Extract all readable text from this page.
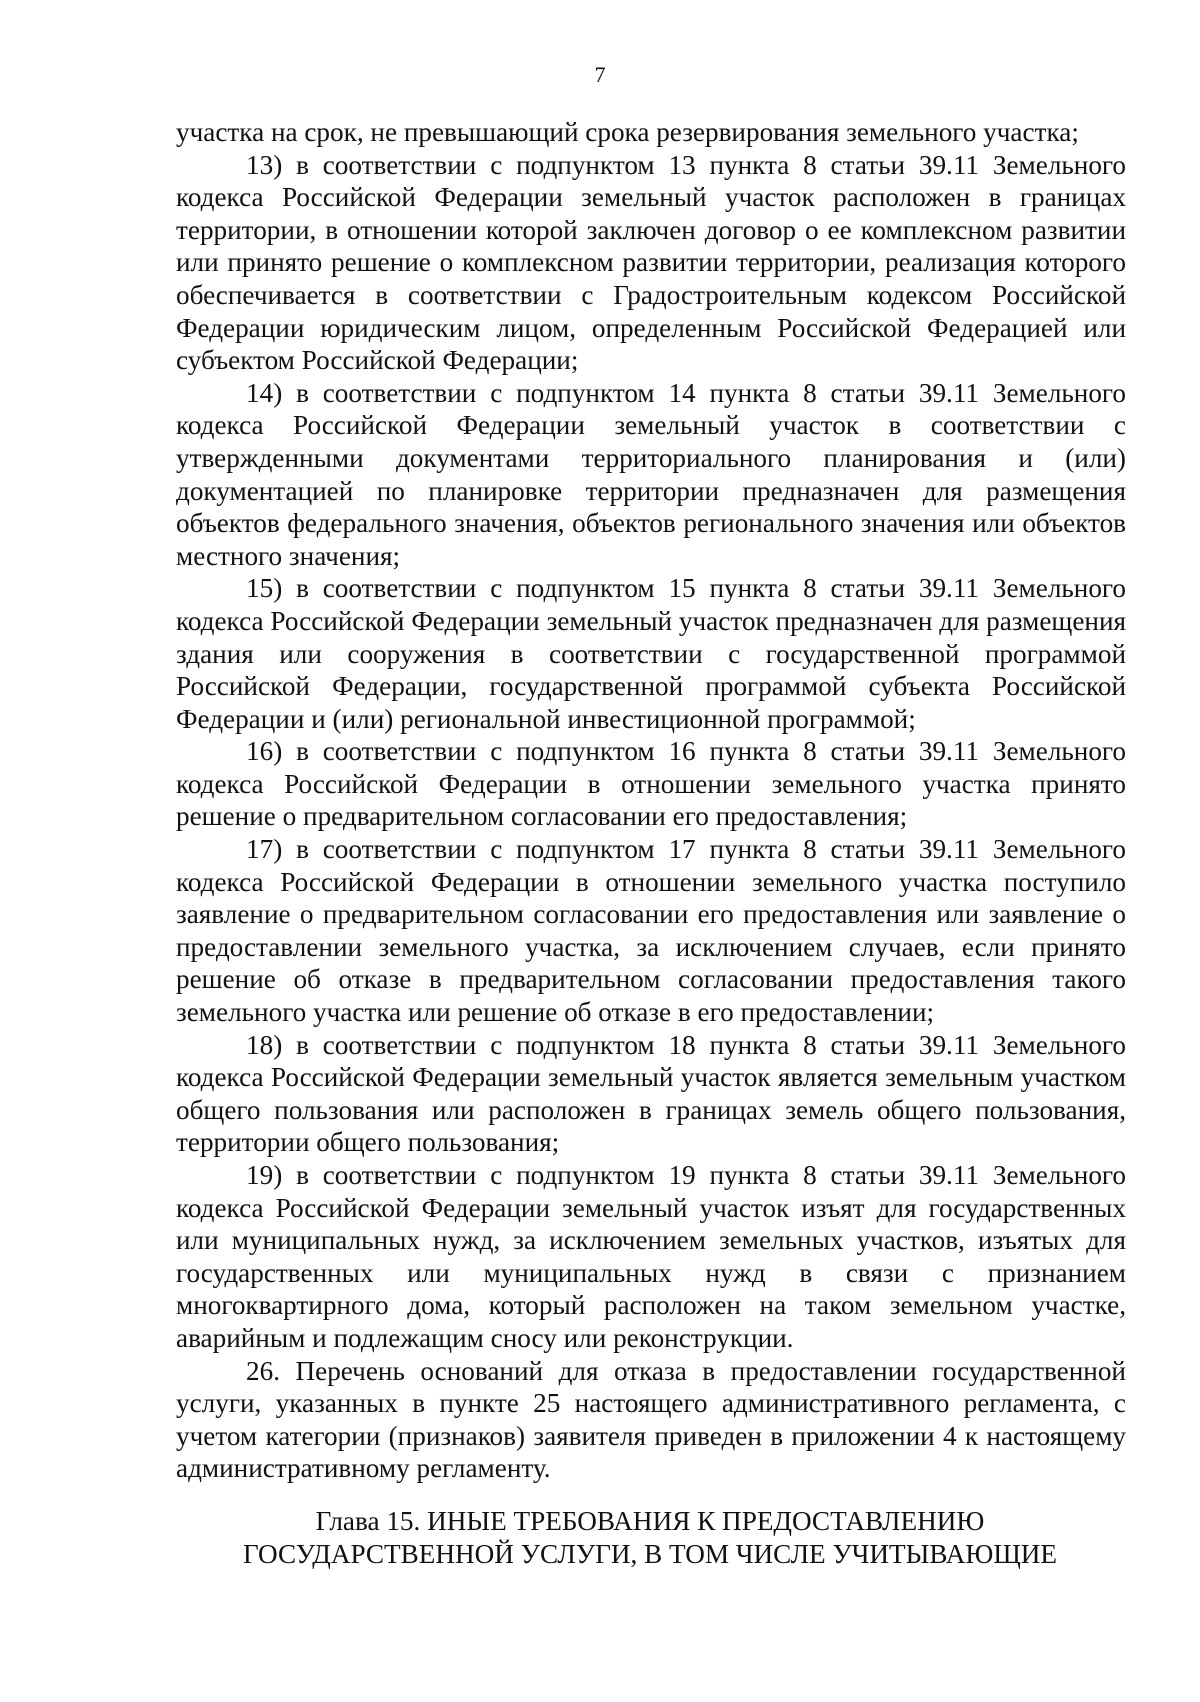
7

участка на срок, не превышающий срока резервирования земельного участка;

13) в соответствии с подпунктом 13 пункта 8 статьи 39.11 Земельного кодекса Российской Федерации земельный участок расположен в границах территории, в отношении которой заключен договор о ее комплексном развитии или принято решение о комплексном развитии территории, реализация которого обеспечивается в соответствии с Градостроительным кодексом Российской Федерации юридическим лицом, определенным Российской Федерацией или субъектом Российской Федерации;

14) в соответствии с подпунктом 14 пункта 8 статьи 39.11 Земельного кодекса Российской Федерации земельный участок в соответствии с утвержденными документами территориального планирования и (или) документацией по планировке территории предназначен для размещения объектов федерального значения, объектов регионального значения или объектов местного значения;

15) в соответствии с подпунктом 15 пункта 8 статьи 39.11 Земельного кодекса Российской Федерации земельный участок предназначен для размещения здания или сооружения в соответствии с государственной программой Российской Федерации, государственной программой субъекта Российской Федерации и (или) региональной инвестиционной программой;

16) в соответствии с подпунктом 16 пункта 8 статьи 39.11 Земельного кодекса Российской Федерации в отношении земельного участка принято решение о предварительном согласовании его предоставления;

17) в соответствии с подпунктом 17 пункта 8 статьи 39.11 Земельного кодекса Российской Федерации в отношении земельного участка поступило заявление о предварительном согласовании его предоставления или заявление о предоставлении земельного участка, за исключением случаев, если принято решение об отказе в предварительном согласовании предоставления такого земельного участка или решение об отказе в его предоставлении;

18) в соответствии с подпунктом 18 пункта 8 статьи 39.11 Земельного кодекса Российской Федерации земельный участок является земельным участком общего пользования или расположен в границах земель общего пользования, территории общего пользования;

19) в соответствии с подпунктом 19 пункта 8 статьи 39.11 Земельного кодекса Российской Федерации земельный участок изъят для государственных или муниципальных нужд, за исключением земельных участков, изъятых для государственных или муниципальных нужд в связи с признанием многоквартирного дома, который расположен на таком земельном участке, аварийным и подлежащим сносу или реконструкции.

26. Перечень оснований для отказа в предоставлении государственной услуги, указанных в пункте 25 настоящего административного регламента, с учетом категории (признаков) заявителя приведен в приложении 4 к настоящему административному регламенту.

Глава 15. ИНЫЕ ТРЕБОВАНИЯ К ПРЕДОСТАВЛЕНИЮ
ГОСУДАРСТВЕННОЙ УСЛУГИ, В ТОМ ЧИСЛЕ УЧИТЫВАЮЩИЕ
